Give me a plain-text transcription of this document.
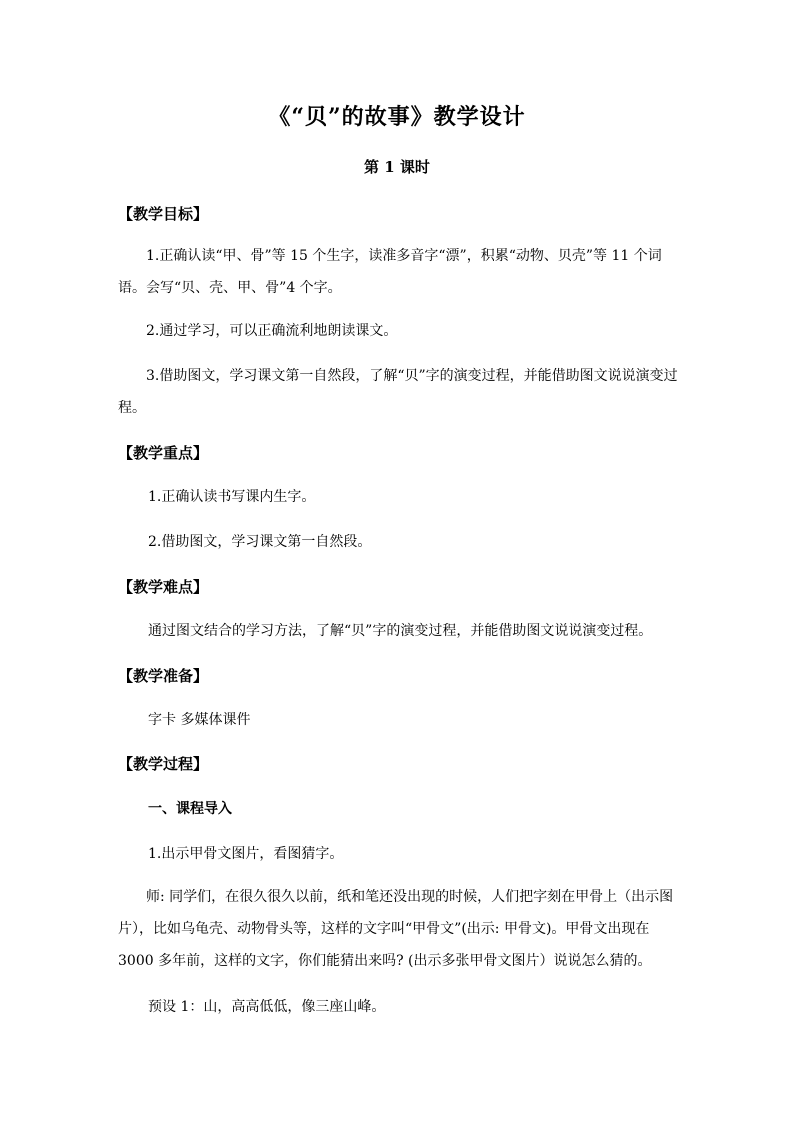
《“贝”的故事》教学设计
第 1 课时
【教学目标】
1.正确认读“甲、骨”等 15 个生字，读准多音字“漂”，积累“动物、贝壳”等 11 个词语。会写“贝、壳、甲、骨”4 个字。
2.通过学习，可以正确流利地朗读课文。
3.借助图文，学习课文第一自然段，了解“贝”字的演变过程，并能借助图文说说演变过程。
【教学重点】
1.正确认读书写课内生字。
2.借助图文，学习课文第一自然段。
【教学难点】
通过图文结合的学习方法，了解“贝”字的演变过程，并能借助图文说说演变过程。
【教学准备】
字卡 多媒体课件
【教学过程】
一、课程导入
1.出示甲骨文图片，看图猜字。
师: 同学们，在很久很久以前，纸和笔还没出现的时候，人们把字刻在甲骨上（出示图片），比如乌龟壳、动物骨头等，这样的文字叫“甲骨文”(出示: 甲骨文)。甲骨文出现在 3000 多年前，这样的文字，你们能猜出来吗? (出示多张甲骨文图片）说说怎么猜的。
预设 1：山，高高低低，像三座山峰。
